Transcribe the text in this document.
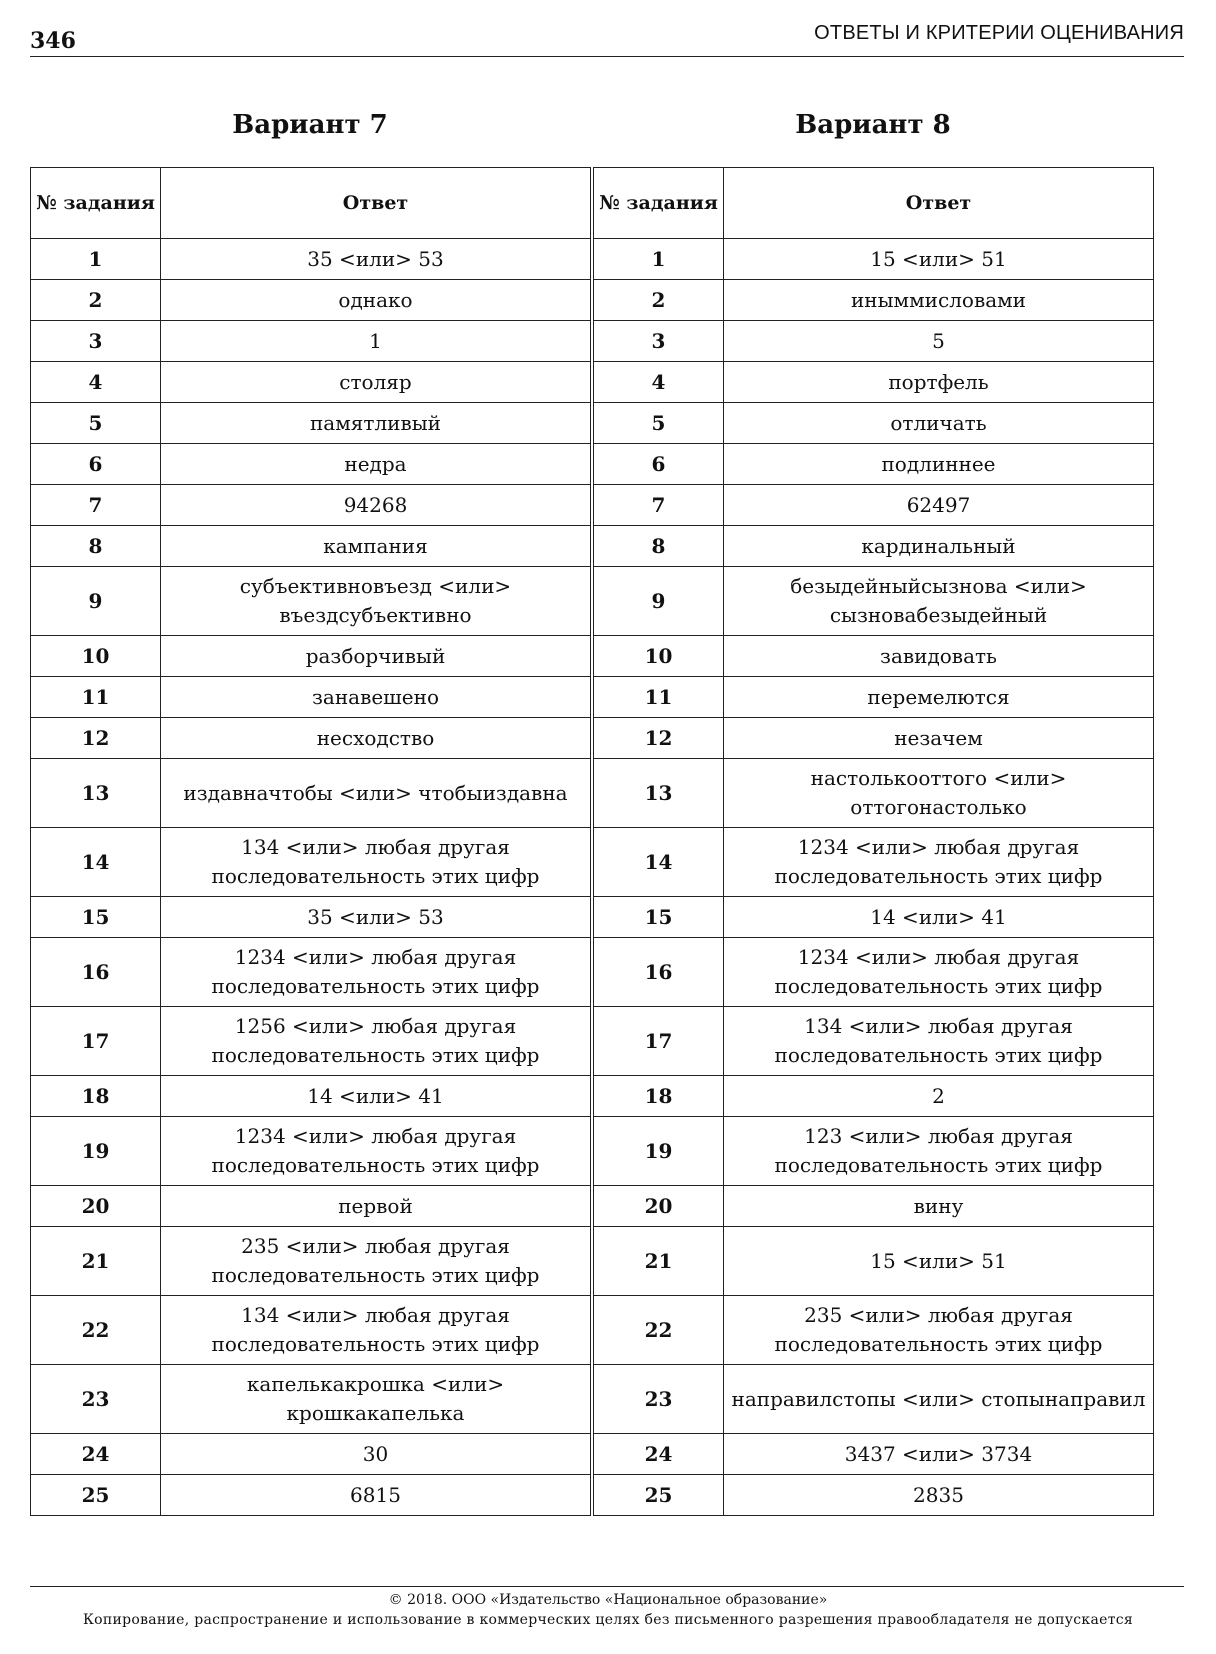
346	ОТВЕТЫ И КРИТЕРИИ ОЦЕНИВАНИЯ
Вариант 7	Вариант 8
№ задания	Ответ
1	35 <или> 53
2	однако
3	1
4	столяр
5	памятливый
6	недра
7	94268
8	кампания
9	субъективновъезд <или> въездсубъективно
10	разборчивый
11	занавешено
12	несходство
13	издавначтобы <или> чтобыиздавна
14	134 <или> любая другая последовательность этих цифр
15	35 <или> 53
16	1234 <или> любая другая последовательность этих цифр
17	1256 <или> любая другая последовательность этих цифр
18	14 <или> 41
19	1234 <или> любая другая последовательность этих цифр
20	первой
21	235 <или> любая другая последовательность этих цифр
22	134 <или> любая другая последовательность этих цифр
23	капелькакрошка <или> крошкакапелька
24	30
25	6815
№ задания	Ответ
1	15 <или> 51
2	иныммисловами
3	5
4	портфель
5	отличать
6	подлиннее
7	62497
8	кардинальный
9	безыдейныйсызнова <или> сызновабезыдейный
10	завидовать
11	перемелются
12	незачем
13	настолькооттого <или> оттогонастолько
14	1234 <или> любая другая последовательность этих цифр
15	14 <или> 41
16	1234 <или> любая другая последовательность этих цифр
17	134 <или> любая другая последовательность этих цифр
18	2
19	123 <или> любая другая последовательность этих цифр
20	вину
21	15 <или> 51
22	235 <или> любая другая последовательность этих цифр
23	направилстопы <или> стопынаправил
24	3437 <или> 3734
25	2835
© 2018. ООО «Издательство «Национальное образование»
Копирование, распространение и использование в коммерческих целях без письменного разрешения правообладателя не допускается
